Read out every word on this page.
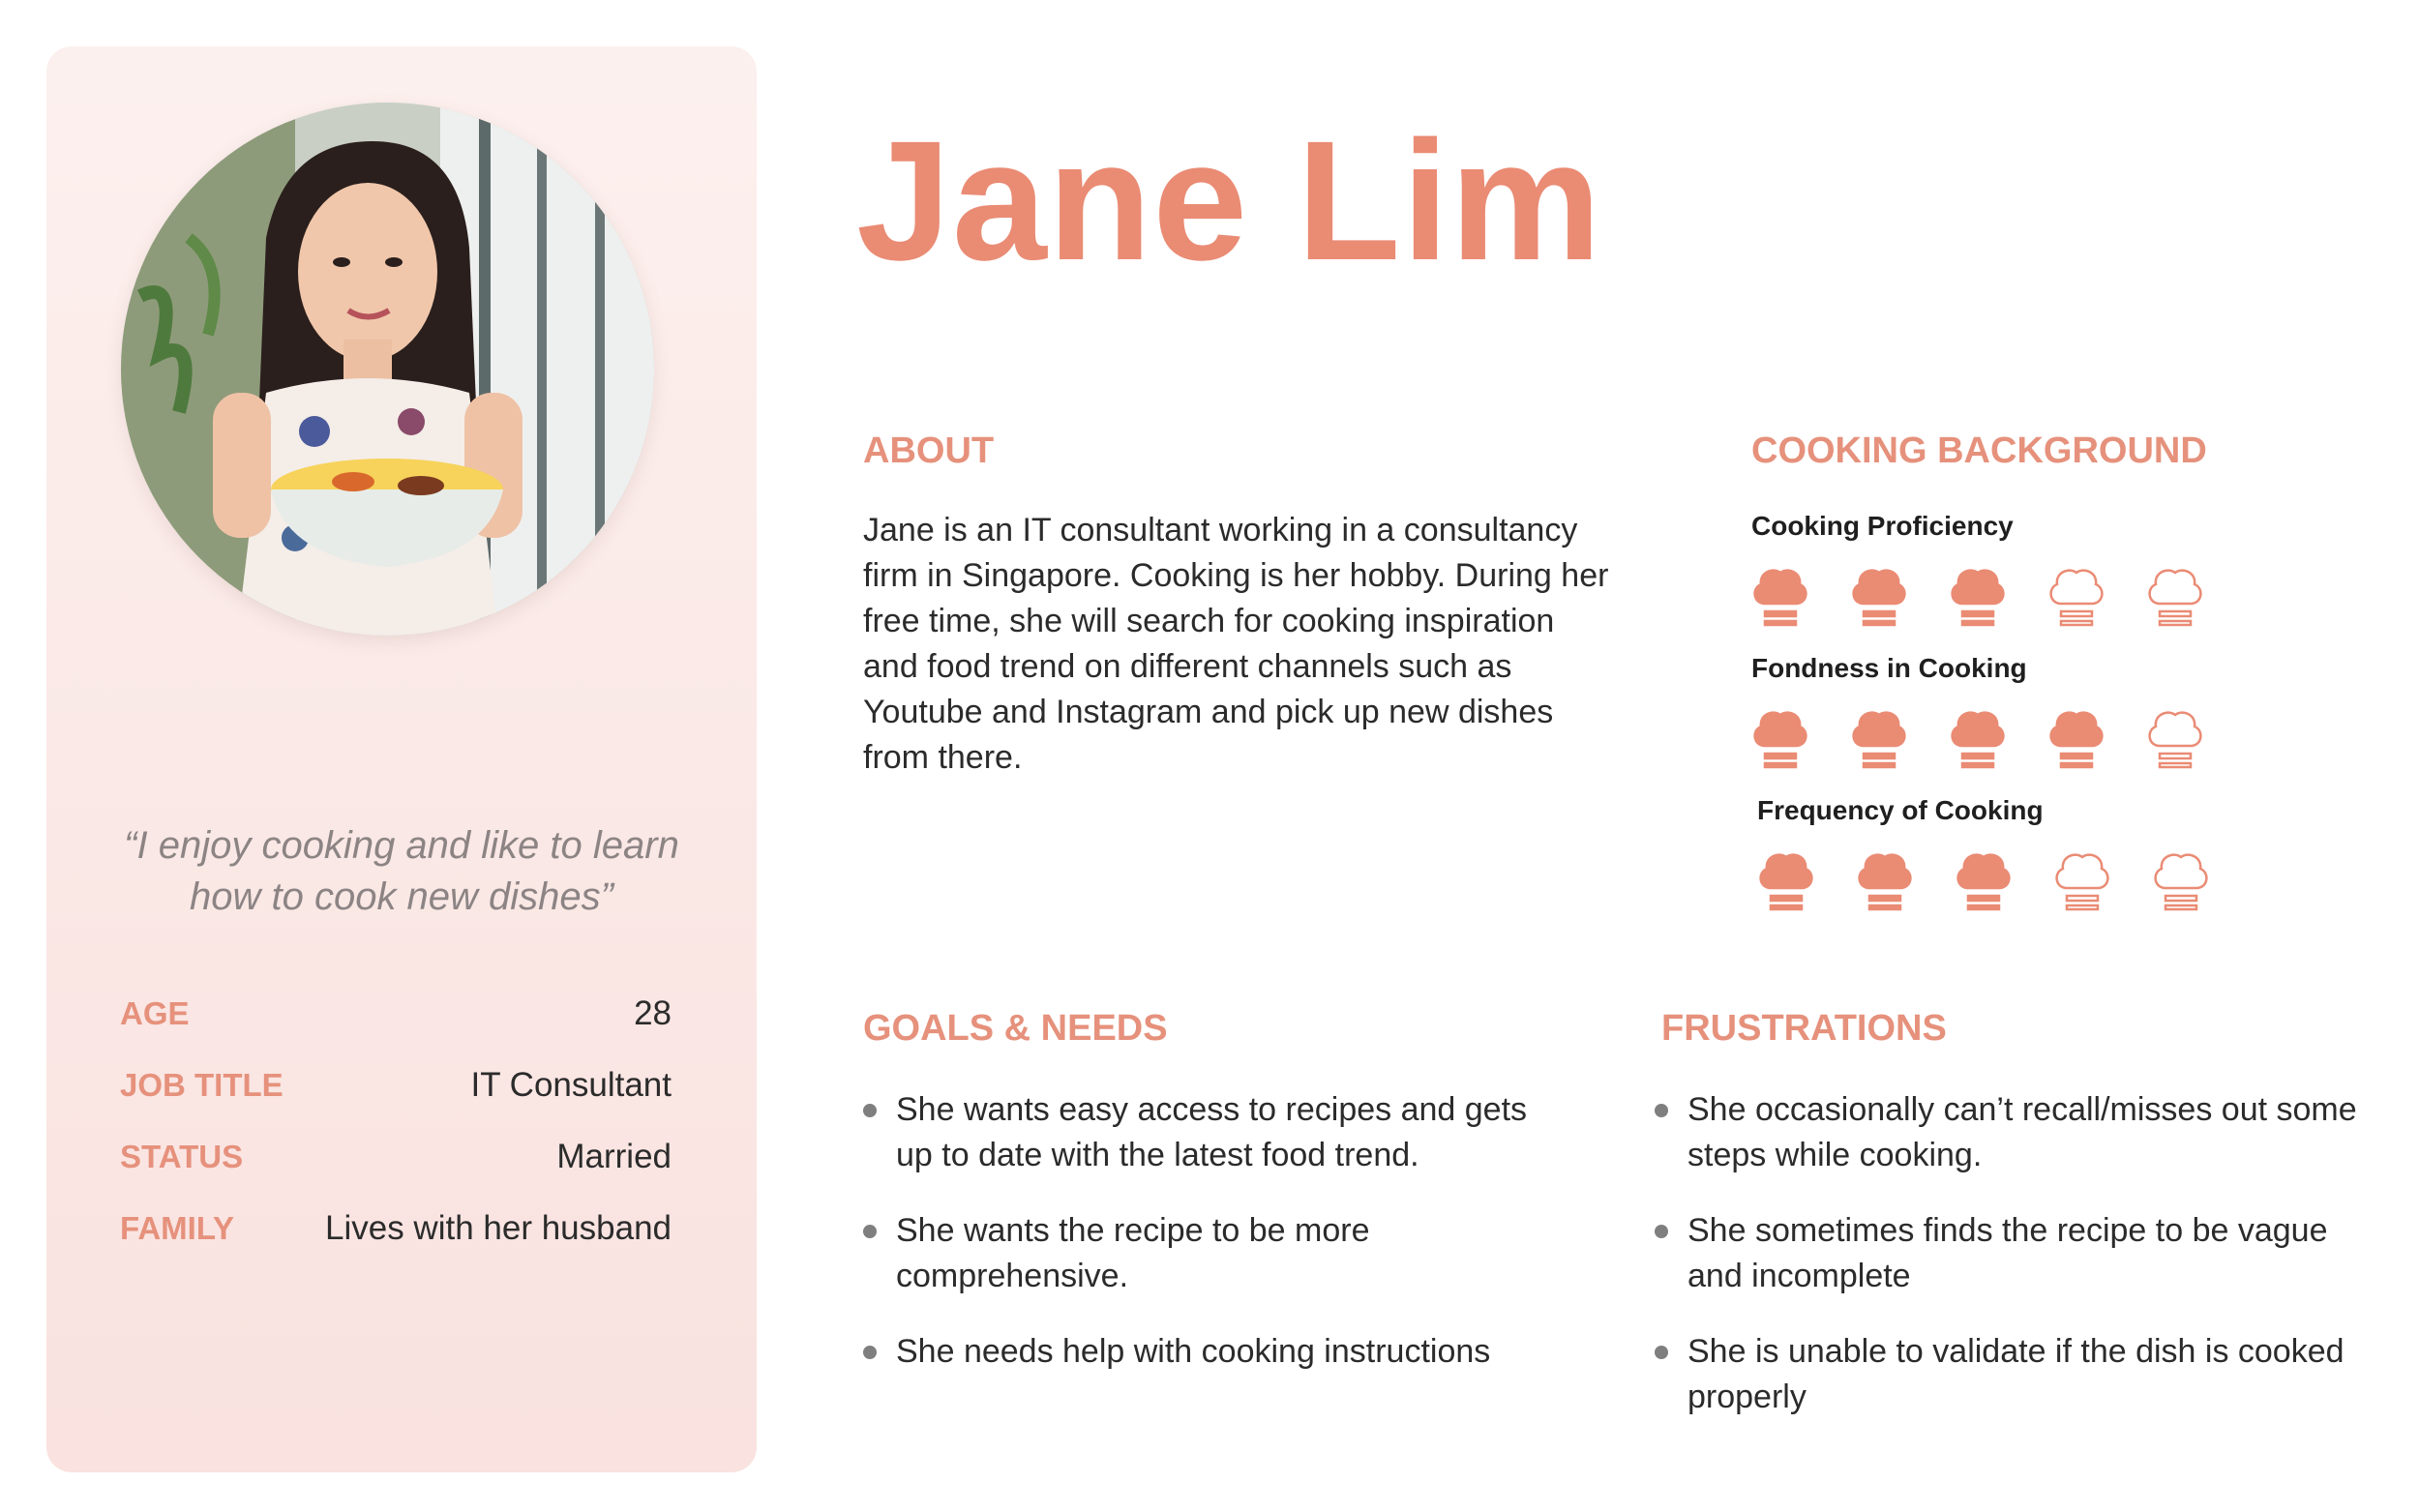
“I enjoy cooking and like to learn how to cook new dishes”
AGE	28
JOB TITLE	IT Consultant
STATUS	Married
FAMILY	Lives with her husband
Jane Lim
ABOUT

Jane is an IT consultant working in a consultancy firm in Singapore. Cooking is her hobby. During her free time, she will search for cooking inspiration and food trend on different channels such as Youtube and Instagram and pick up new dishes from there.

COOKING BACKGROUND
Cooking Proficiency
Fondness in Cooking
Frequency of Cooking
GOALS & NEEDS
She wants easy access to recipes and gets up to date with the latest food trend.
She wants the recipe to be more comprehensive.
She needs help with cooking instructions
FRUSTRATIONS
She occasionally can’t recall/misses out some steps while cooking.
She sometimes finds the recipe to be vague and incomplete
She is unable to validate if the dish is cooked properly
